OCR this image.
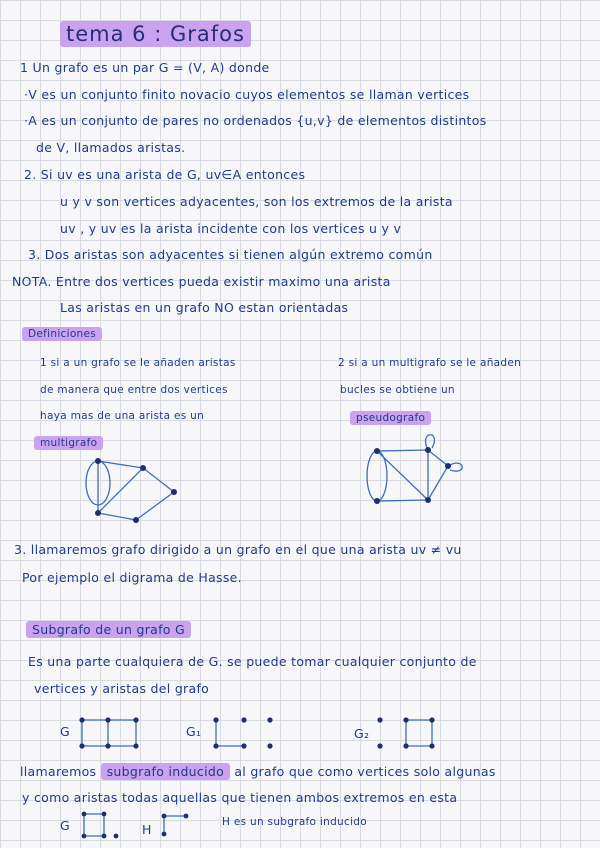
tema 6 : Grafos
1 Un grafo es un par G = (V, A) donde
·V es un conjunto finito novacio cuyos elementos se llaman vertices
·A es un conjunto de pares no ordenados {u,v} de elementos distintos
de V, llamados aristas.
2. Si uv es una arista de G, uv∈A entonces
u y v son vertices adyacentes, son los extremos de la arista
uv , y uv es la arista incidente con los vertices u y v
3. Dos aristas son adyacentes si tienen algún extremo común
NOTA. Entre dos vertices pueda existir maximo una arista
Las aristas en un grafo NO estan orientadas
Definiciones
1 si a un grafo se le añaden aristas
de manera que entre dos vertices
haya mas de una arista es un
multigrafo
2 si a un multigrafo se le añaden
bucles se obtiene un
pseudografo
3. llamaremos grafo dirigido a un grafo en el que una arista uv ≠ vu
Por ejemplo el digrama de Hasse.
Subgrafo de un grafo G
Es una parte cualquiera de G. se puede tomar cualquier conjunto de
vertices y aristas del grafo
G	G₁	G₂
llamaremos subgrafo inducido al grafo que como vertices solo algunas
y como aristas todas aquellas que tienen ambos extremos en esta
G	H	H es un subgrafo inducido
